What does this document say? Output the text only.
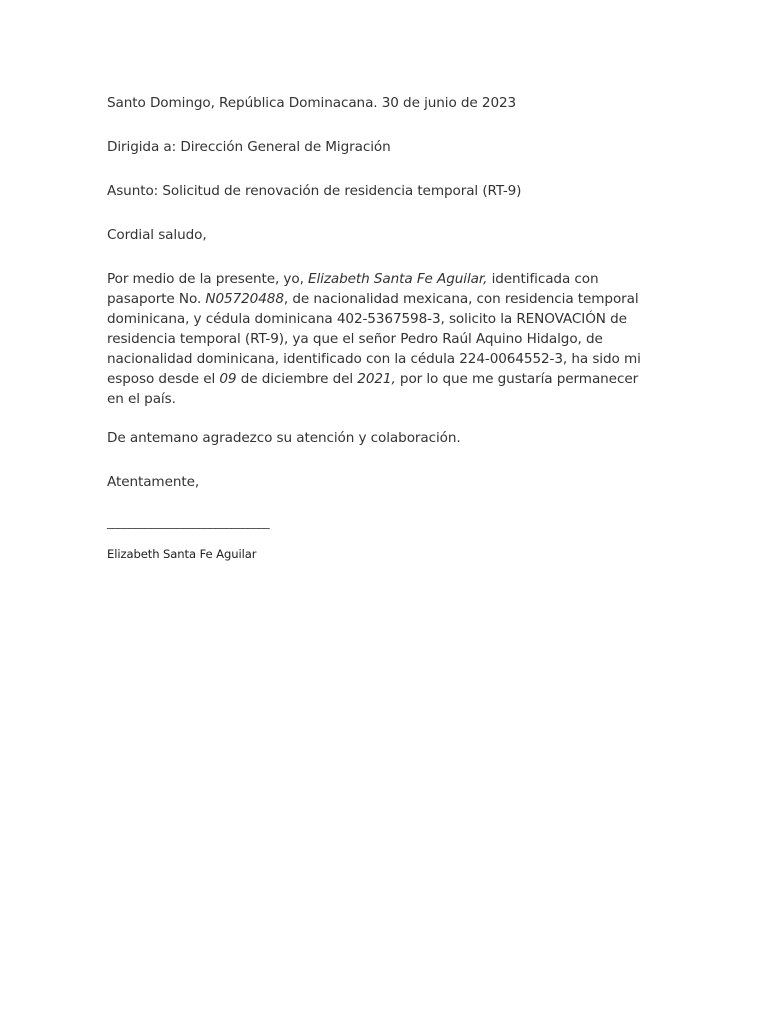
Santo Domingo, República Dominacana. 30 de junio de 2023

Dirigida a: Dirección General de Migración

Asunto: Solicitud de renovación de residencia temporal (RT-9)

Cordial saludo,

Por medio de la presente, yo, Elizabeth Santa Fe Aguilar, identificada con pasaporte No. N05720488, de nacionalidad mexicana, con residencia temporal dominicana, y cédula dominicana 402-5367598-3, solicito la RENOVACIÓN de residencia temporal (RT-9), ya que el señor Pedro Raúl Aquino Hidalgo, de nacionalidad dominicana, identificado con la cédula 224-0064552-3, ha sido mi esposo desde el 09 de diciembre del 2021, por lo que me gustaría permanecer en el país.

De antemano agradezco su atención y colaboración.

Atentamente,

______________________________

Elizabeth Santa Fe Aguilar
